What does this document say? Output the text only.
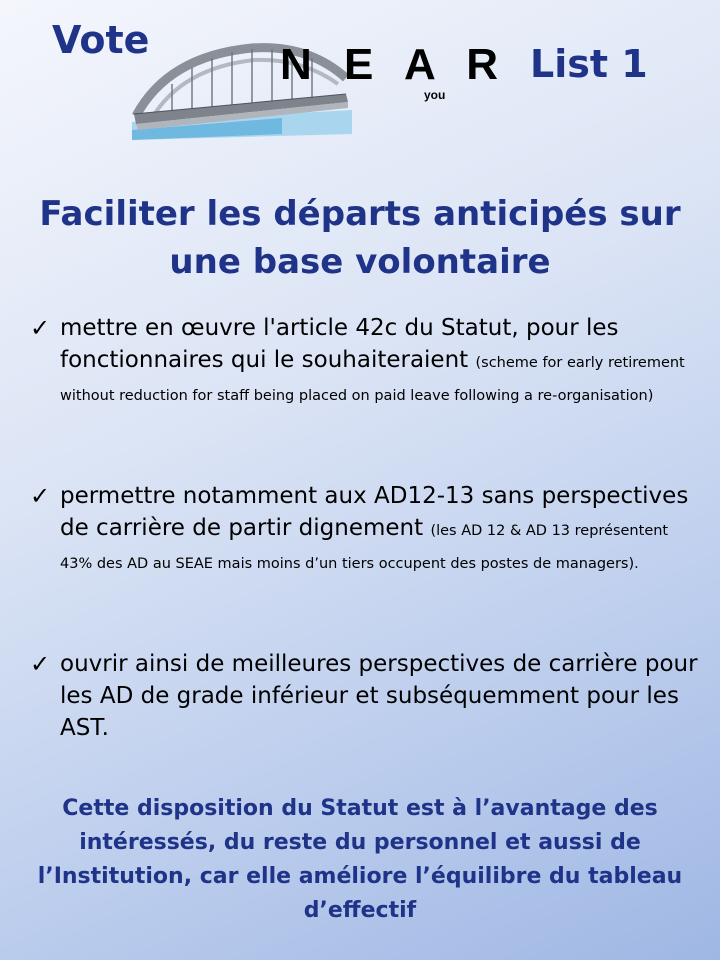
Vote	N E A R
you
List 1
Faciliter les départs anticipés sur une base volontaire
✓ mettre en œuvre l'article 42c du Statut, pour les fonctionnaires qui le souhaiteraient (scheme for early retirement without reduction for staff being placed on paid leave following a re-organisation)
✓ permettre notamment aux AD12-13 sans perspectives de carrière de partir dignement (les AD 12 & AD 13 représentent 43% des AD au SEAE mais moins d’un tiers occupent des postes de managers).
✓ ouvrir ainsi de meilleures perspectives de carrière pour les AD de grade inférieur et subséquemment pour les AST.

Cette disposition du Statut est à l’avantage des intéressés, du reste du personnel et aussi de l’Institution, car elle améliore l’équilibre du tableau d’effectif
